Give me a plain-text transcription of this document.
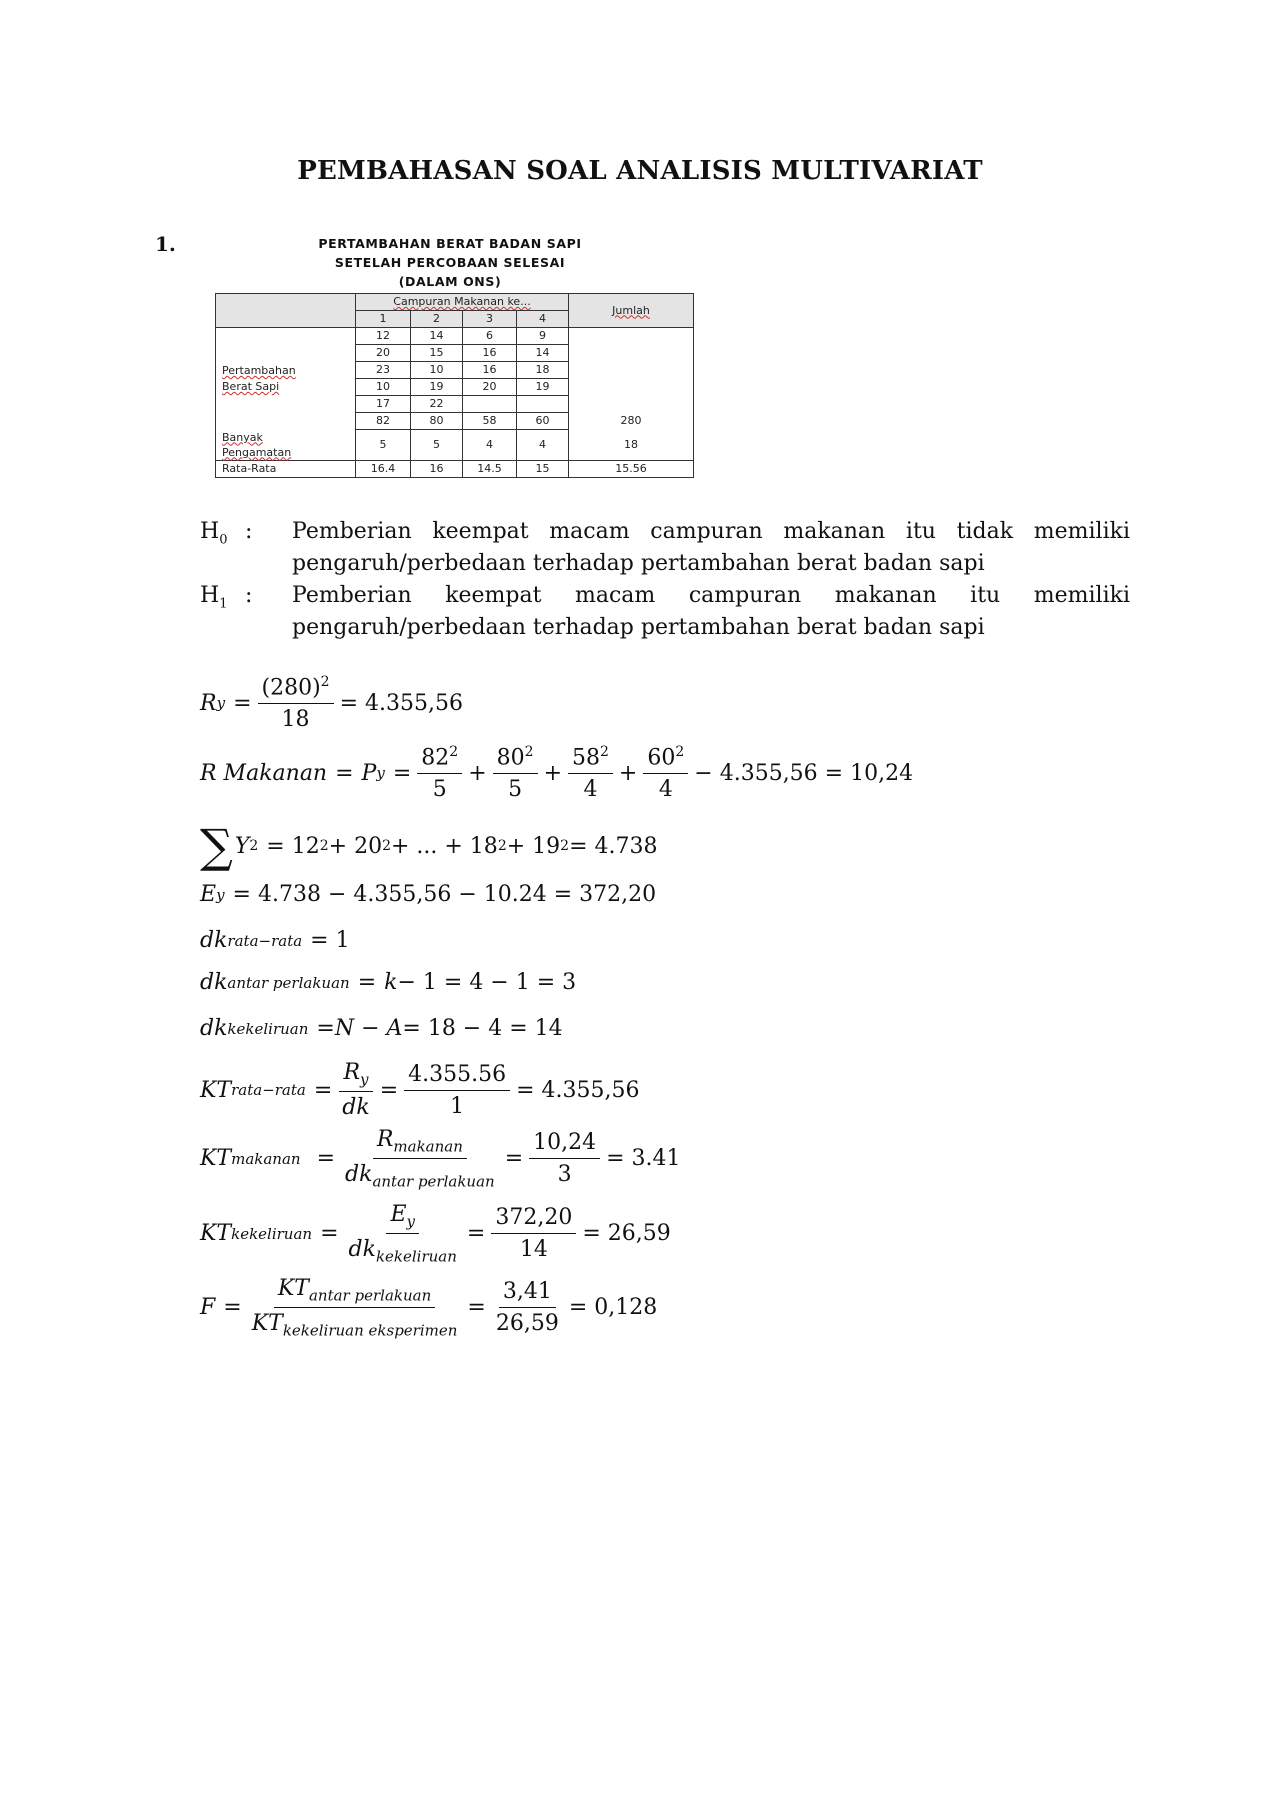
PEMBAHASAN SOAL ANALISIS MULTIVARIAT
1.	PERTAMBAHAN BERAT BADAN SAPI
SETELAH PERCOBAAN SELESAI
(DALAM ONS)
	Campuran Makanan ke...				Jumlah
	1	2	3	4	
Pertambahan
Berat Sapi	12	14	6	9	
	20	15	16	14	
	23	10	16	18	
	10	19	20	19	
	17	22			
	82	80	58	60	280
Banyak
Pengamatan	5	5	4	4	18
Rata-Rata	16.4	16	14.5	15	15.56
$H_0$ : Pemberian keempat macam campuran makanan itu tidak memiliki
pengaruh/perbedaan terhadap pertambahan berat badan sapi
$H_1$ : Pemberian keempat macam campuran makanan itu memiliki
pengaruh/perbedaan terhadap pertambahan berat badan sapi
R $y = \frac{(280)^2}{18} = 4.355,56$
R Makanan = P $y = \frac{82^2}{5} + \frac{80^2}{5} + \frac{58^2}{4} + \frac{60^2}{4} - 4.355,56 = 10,24$
∑ Y 2 = 12 2 + 20 2 + ... + 18 2 + 19 2 = 4.738
E y = 4.738 − 4.355,56 − 10.24 = 372,20
dk rata−rata = 1
dk antar perlakuan = k − 1 = 4 − 1 = 3
dk kekeliruan = N − A = 18 − 4 = 14
KT rata−rata = $\frac{R_y}{dk} = \frac{4.355.56}{1} = 4.355,56$
KT makanan = $\frac{R_{makanan}}{dk_{antar perlakuan}} = \frac{10,24}{3} = 3.41$
KT kekeliruan = $\frac{E_y}{dk_{kekeliruan}} = \frac{372,20}{14} = 26,59$
$F = \frac{KT_{antar perlakuan}}{KT_{kekeliruan eksperimen}} = \frac{3,41}{26,59} = 0,128$
